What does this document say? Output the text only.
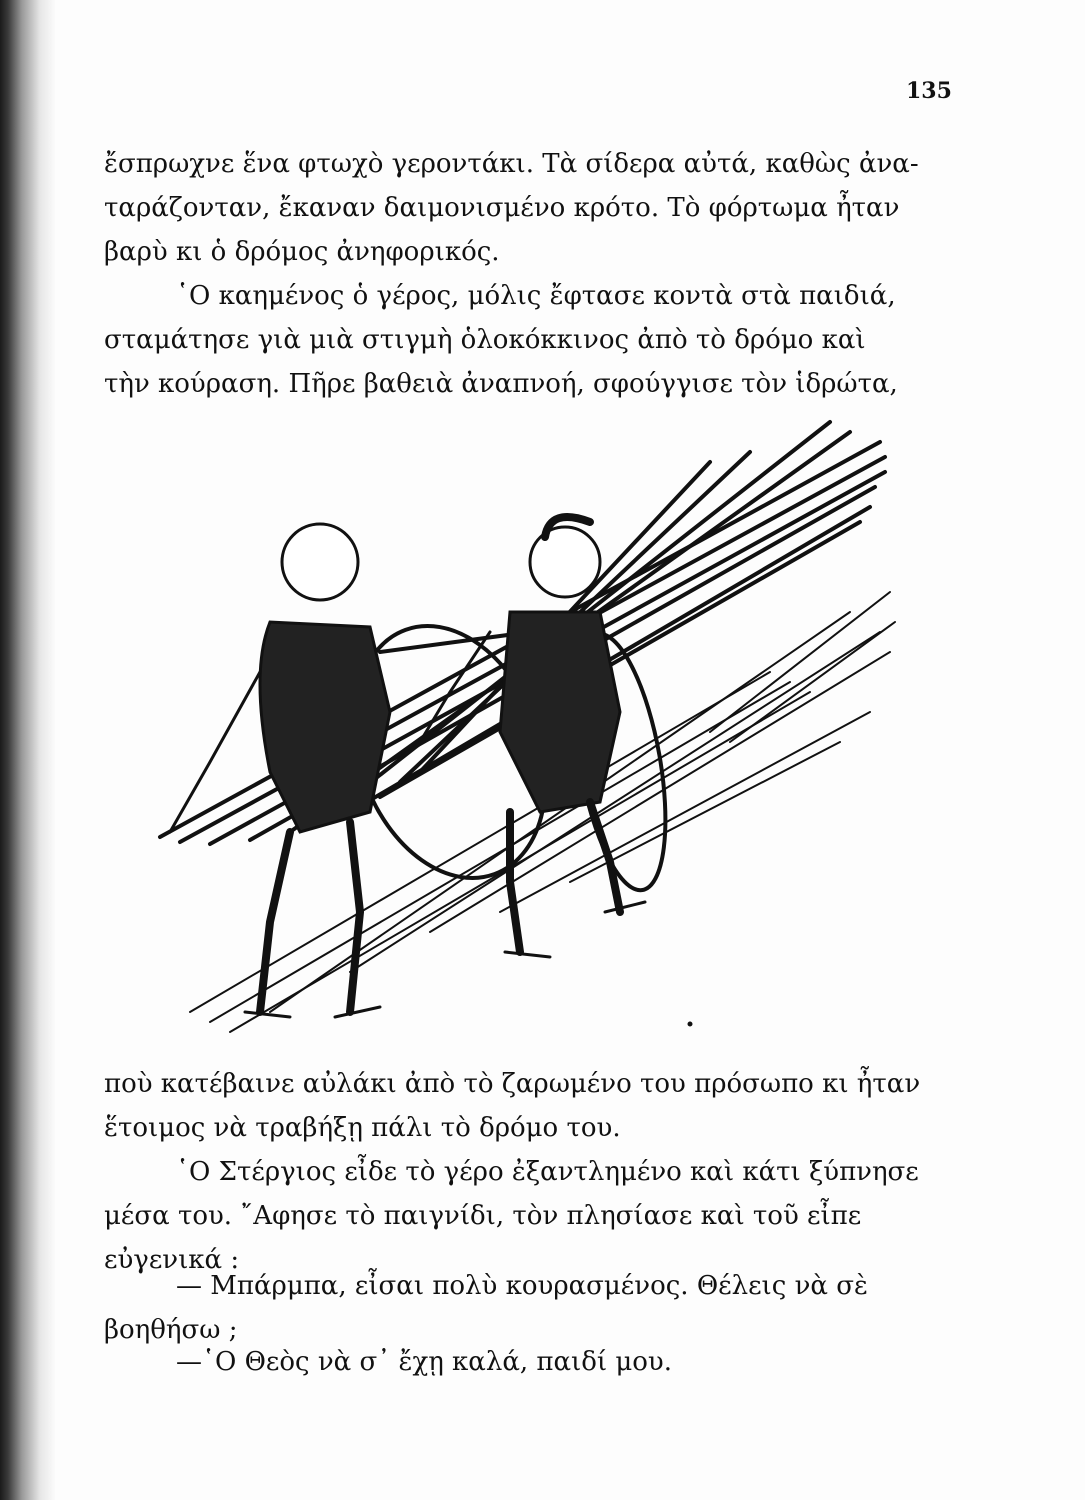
135

ἔσπρωχνε ἕνα φτωχὸ γεροντάκι. Τὰ σίδερα αὐτά, καθὼς ἀνα-
ταράζονταν, ἔκαναν δαιμονισμένο κρότο. Τὸ φόρτωμα ἦταν
βαρὺ κι ὁ δρόμος ἀνηφορικός.

῾Ο καημένος ὁ γέρος, μόλις ἔφτασε κοντὰ στὰ παιδιά,
σταμάτησε γιὰ μιὰ στιγμὴ ὁλοκόκκινος ἀπὸ τὸ δρόμο καὶ
τὴν κούραση. Πῆρε βαθειὰ ἀναπνοή, σφούγγισε τὸν ἱδρώτα,

ποὺ κατέβαινε αὐλάκι ἀπὸ τὸ ζαρωμένο του πρόσωπο κι ἦταν
ἕτοιμος νὰ τραβήξῃ πάλι τὸ δρόμο του.

῾Ο Στέργιος εἶδε τὸ γέρο ἐξαντλημένο καὶ κάτι ξύπνησε
μέσα του. ῎Αφησε τὸ παιγνίδι, τὸν πλησίασε καὶ τοῦ εἶπε
εὐγενικά :

— Μπάρμπα, εἶσαι πολὺ κουρασμένος. Θέλεις νὰ σὲ
βοηθήσω ;

—῾Ο Θεὸς νὰ σ᾽ ἔχῃ καλά, παιδί μου.
